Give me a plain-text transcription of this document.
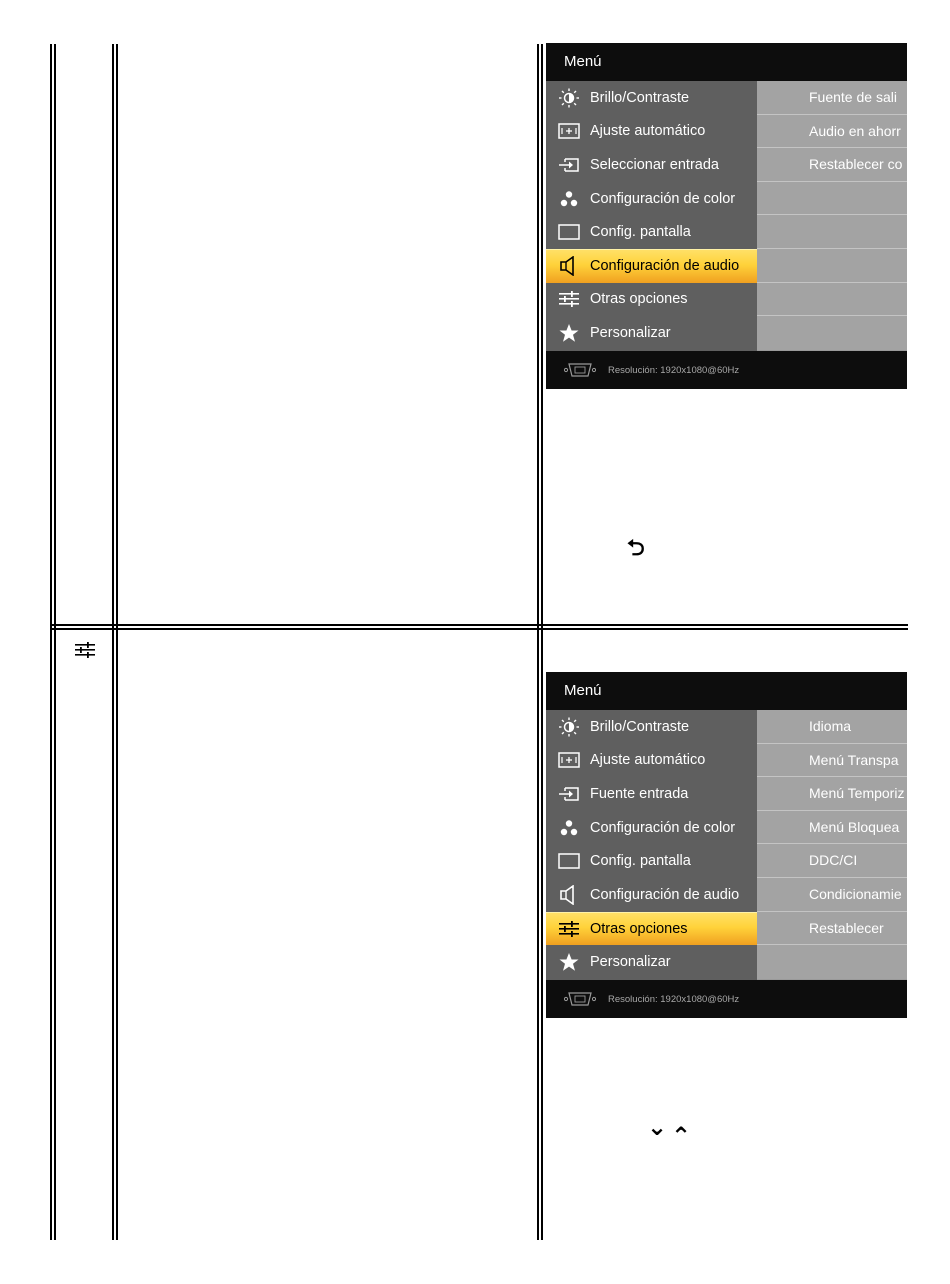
Menú
Brillo/Contraste
Ajuste automático
Seleccionar entrada
Configuración de color
Config. pantalla
Configuración de audio
Otras opciones
Personalizar
Fuente de sali
Audio en ahorr
Restablecer co
Resolución: 1920x1080@60Hz
⮌
Menú
Brillo/Contraste
Ajuste automático
Fuente entrada
Configuración de color
Config. pantalla
Configuración de audio
Otras opciones
Personalizar
Idioma
Menú Transpa
Menú Temporiz
Menú Bloquea
DDC/CI
Condicionamie
Restablecer
Resolución: 1920x1080@60Hz
⌄ ⌃
